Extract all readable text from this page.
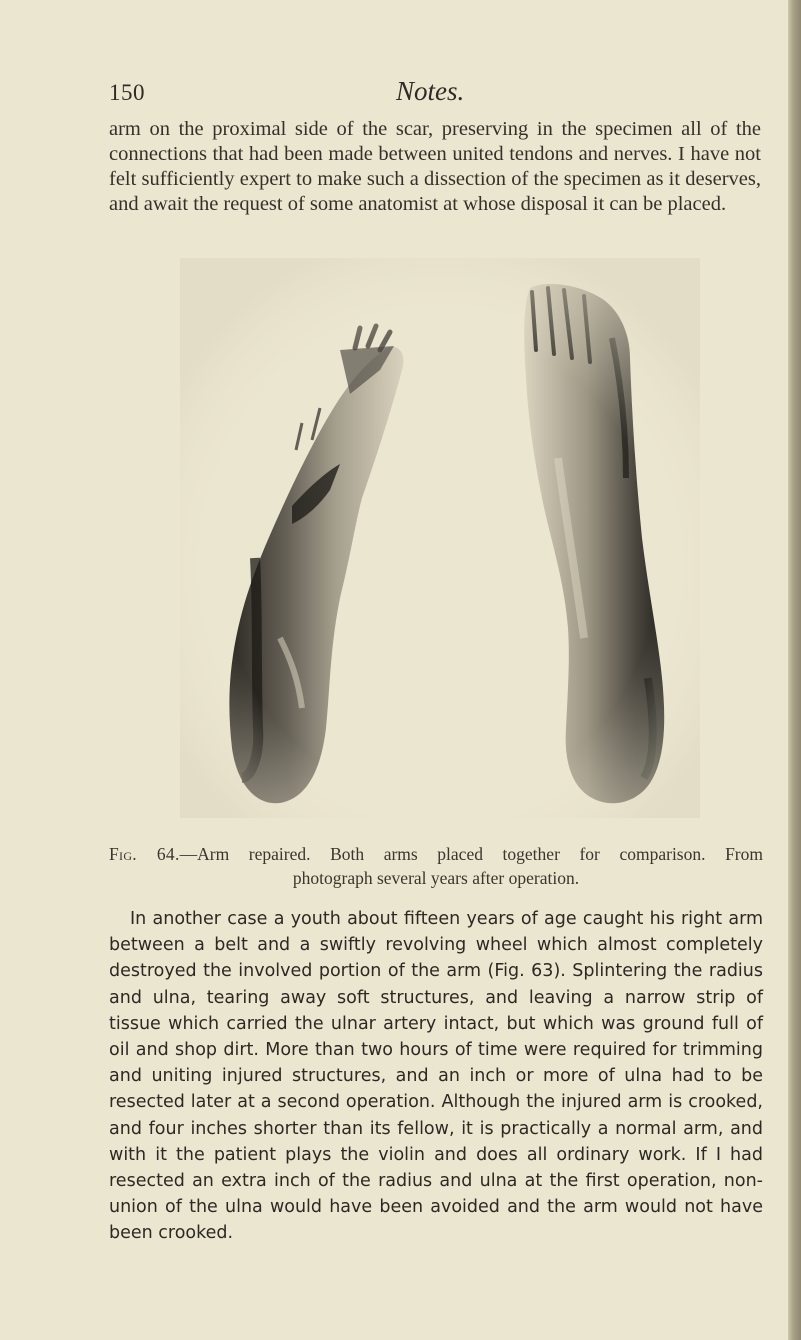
150	Notes.

arm on the proximal side of the scar, preserving in the specimen all of the connections that had been made between united tendons and nerves. I have not felt sufficiently expert to make such a dissection of the specimen as it deserves, and await the request of some anatomist at whose disposal it can be placed.

Fig. 64.—Arm repaired. Both arms placed together for comparison. From
photograph several years after operation.

In another case a youth about fifteen years of age caught his right arm between a belt and a swiftly revolving wheel which almost completely destroyed the involved portion of the arm (Fig. 63). Splintering the radius and ulna, tearing away soft structures, and leaving a narrow strip of tissue which carried the ulnar artery intact, but which was ground full of oil and shop dirt. More than two hours of time were required for trimming and uniting injured structures, and an inch or more of ulna had to be resected later at a second operation. Although the injured arm is crooked, and four inches shorter than its fellow, it is practically a normal arm, and with it the patient plays the violin and does all ordinary work. If I had resected an extra inch of the radius and ulna at the first operation, non-union of the ulna would have been avoided and the arm would not have been crooked.
